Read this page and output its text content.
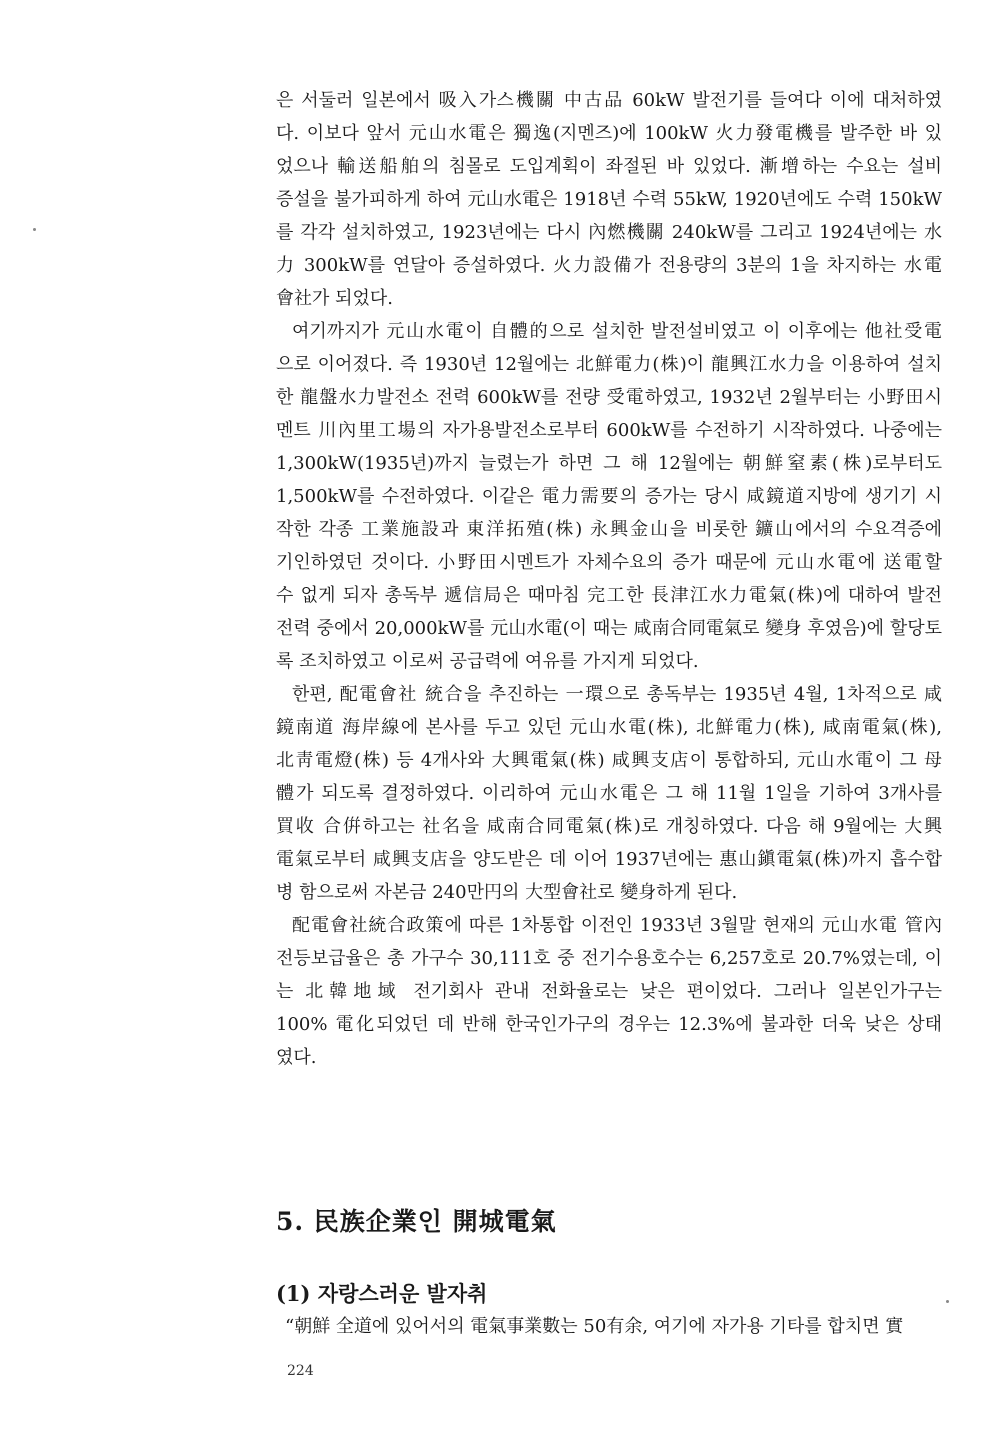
은 서둘러 일본에서 吸入가스機關 中古品 60kW 발전기를 들여다 이에 대처하였

다. 이보다 앞서 元山水電은 獨逸(지멘즈)에 100kW 火力發電機를 발주한 바 있

었으나 輸送船舶의 침몰로 도입계획이 좌절된 바 있었다. 漸增하는 수요는 설비

증설을 불가피하게 하여 元山水電은 1918년 수력 55kW, 1920년에도 수력 150kW

를 각각 설치하였고, 1923년에는 다시 內燃機關 240kW를 그리고 1924년에는 水

力 300kW를 연달아 증설하였다. 火力設備가 전용량의 3분의 1을 차지하는 水電

會社가 되었다.

여기까지가 元山水電이 自體的으로 설치한 발전설비였고 이 이후에는 他社受電

으로 이어졌다. 즉 1930년 12월에는 北鮮電力(株)이 龍興江水力을 이용하여 설치

한 龍盤水力발전소 전력 600kW를 전량 受電하였고, 1932년 2월부터는 小野田시

멘트 川內里工場의 자가용발전소로부터 600kW를 수전하기 시작하였다. 나중에는

1,300kW(1935년)까지 늘렸는가 하면 그 해 12월에는 朝鮮窒素(株)로부터도

1,500kW를 수전하였다. 이같은 電力需要의 증가는 당시 咸鏡道지방에 생기기 시

작한 각종 工業施設과 東洋拓殖(株) 永興金山을 비롯한 鑛山에서의 수요격증에

기인하였던 것이다. 小野田시멘트가 자체수요의 증가 때문에 元山水電에 送電할

수 없게 되자 총독부 遞信局은 때마침 完工한 長津江水力電氣(株)에 대하여 발전

전력 중에서 20,000kW를 元山水電(이 때는 咸南合同電氣로 變身 후였음)에 할당토

록 조치하였고 이로써 공급력에 여유를 가지게 되었다.

한편, 配電會社 統合을 추진하는 一環으로 총독부는 1935년 4월, 1차적으로 咸

鏡南道 海岸線에 본사를 두고 있던 元山水電(株), 北鮮電力(株), 咸南電氣(株),

北靑電燈(株) 등 4개사와 大興電氣(株) 咸興支店이 통합하되, 元山水電이 그 母

體가 되도록 결정하였다. 이리하여 元山水電은 그 해 11월 1일을 기하여 3개사를

買收 合倂하고는 社名을 咸南合同電氣(株)로 개칭하였다. 다음 해 9월에는 大興

電氣로부터 咸興支店을 양도받은 데 이어 1937년에는 惠山鎭電氣(株)까지 흡수합

병 함으로써 자본금 240만円의 大型會社로 變身하게 된다.

配電會社統合政策에 따른 1차통합 이전인 1933년 3월말 현재의 元山水電 管內

전등보급율은 총 가구수 30,111호 중 전기수용호수는 6,257호로 20.7%였는데, 이

는 北韓地域 전기회사 관내 전화율로는 낮은 편이었다. 그러나 일본인가구는

100% 電化되었던 데 반해 한국인가구의 경우는 12.3%에 불과한 더욱 낮은 상태

였다.

5. 民族企業인 開城電氣
(1) 자랑스러운 발자취
“朝鮮 全道에 있어서의 電氣事業數는 50有余, 여기에 자가용 기타를 합치면 實
224
